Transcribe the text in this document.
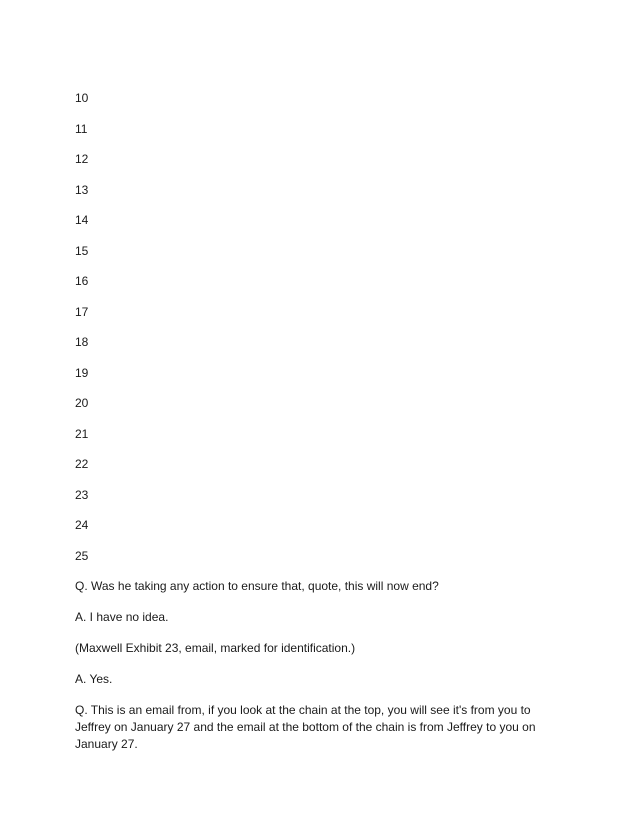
10
11
12
13
14
15
16
17
18
19
20
21
22
23
24
25

Q. Was he taking any action to ensure that, quote, this will now end?

A. I have no idea.

(Maxwell Exhibit 23, email, marked for identification.)

A. Yes.

Q. This is an email from, if you look at the chain at the top, you will see it's from you to Jeffrey on January 27 and the email at the bottom of the chain is from Jeffrey to you on January 27.
